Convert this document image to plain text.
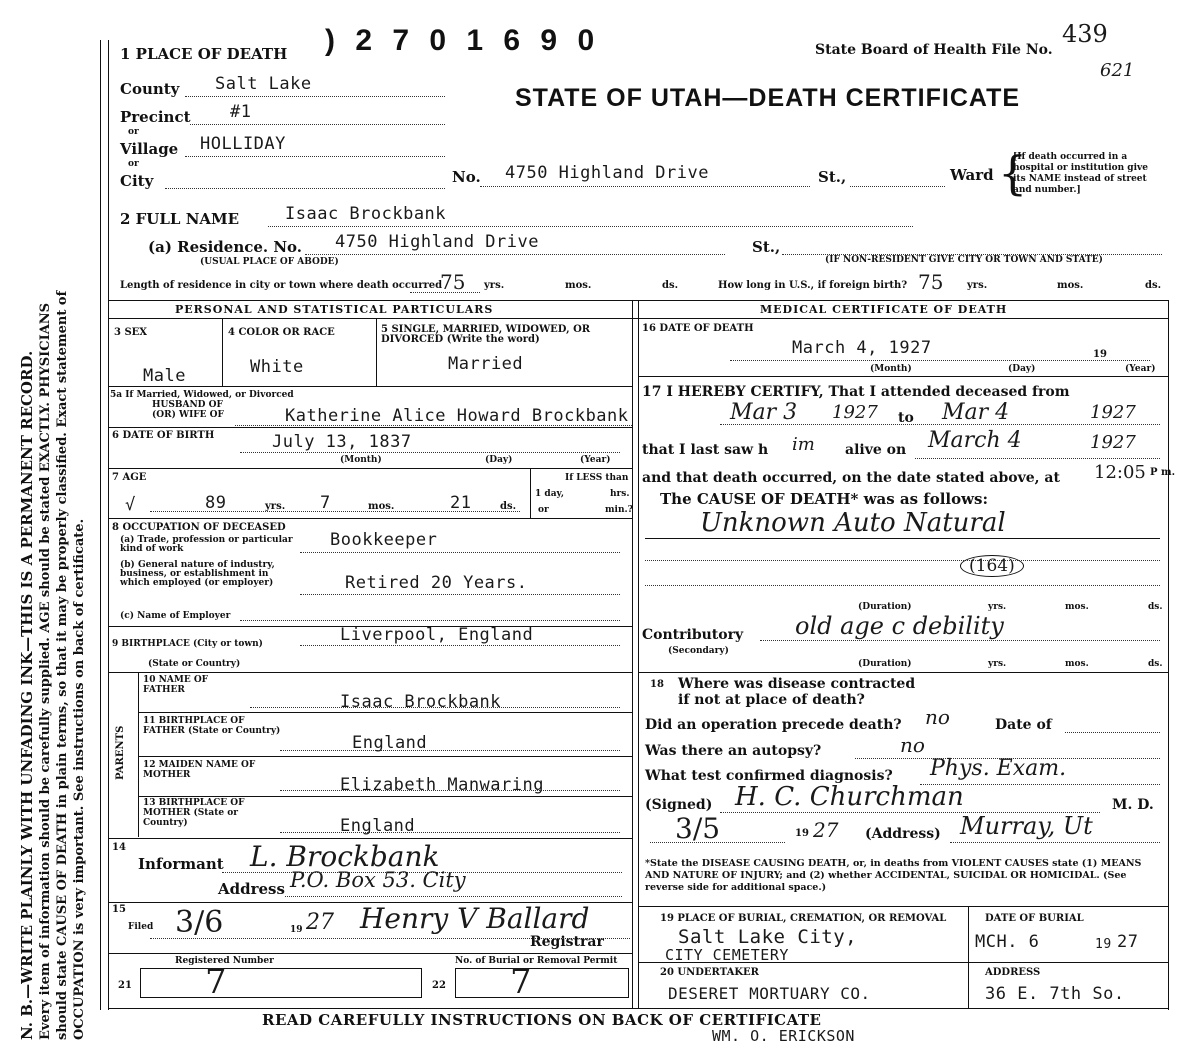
N. B.—WRITE PLAINLY WITH UNFADING INK—THIS IS A PERMANENT RECORD. Every item of information should be carefully supplied. AGE should be stated EXACTLY. PHYSICIANS should state CAUSE OF DEATH in plain terms, so that it may be properly classified. Exact statement of OCCUPATION is very important. See instructions on back of certificate.
1 PLACE OF DEATH ) 2 7 0 1 6 9 0	State Board of Health File No.
439
621
STATE OF UTAH—DEATH CERTIFICATE
County Salt Lake
Precinct #1
or
Village HOLLIDAY
or
City	No. 4750 Highland Drive	St.,	Ward {
[If death occurred in a hospital or institution give its NAME instead of street and number.]
2 FULL NAME	Isaac Brockbank
(a) Residence. No.
(USUAL PLACE OF ABODE)
4750 Highland Drive	St.,
(IF NON-RESIDENT GIVE CITY OR TOWN AND STATE)
Length of residence in city or town where death occurred
75 yrs.	mos.	ds.	How long in U.S., if foreign birth? 75 yrs.	mos.	ds.
PERSONAL AND STATISTICAL PARTICULARS	MEDICAL CERTIFICATE OF DEATH
3 SEX
Male
4 COLOR OR RACE
White
5 SINGLE, MARRIED, WIDOWED, OR DIVORCED (Write the word)
Married
5a If Married, Widowed, or Divorced
HUSBAND OF
(OR) WIFE OF	Katherine Alice Howard Brockbank
6 DATE OF BIRTH	July 13, 1837
(Month)	(Day)	(Year)
7 AGE
√	89	yrs. 7	mos.	21	ds.
If LESS than
1 day,	hrs.
or	min.?
8 OCCUPATION OF DECEASED
(a) Trade, profession or particular kind of work	Bookkeeper
(b) General nature of industry, business, or establishment in which employed (or employer)	Retired 20 Years.
(c) Name of Employer
9 BIRTHPLACE (City or town)	Liverpool, England
(State or Country)
PARENTS
10 NAME OF FATHER
Isaac Brockbank
11 BIRTHPLACE OF FATHER (State or Country)
England
12 MAIDEN NAME OF MOTHER	Elizabeth Manwaring
13 BIRTHPLACE OF MOTHER (State or Country)	England
14
Informant L. Brockbank
Address P.O. Box 53. City
15
Filed 3/6	19 27 Henry V Ballard
Registrar
Registered Number	No. of Burial or Removal Permit
21 7	22 7
16 DATE OF DEATH
March 4, 1927	19
(Month)	(Day)	(Year)
17 I HEREBY CERTIFY, That I attended deceased from
Mar 3 1927 to Mar 4	1927
that I last saw h im alive on March 4	1927
and that death occurred, on the date stated above, at 12:05 P m.
The CAUSE OF DEATH* was as follows:
Unknown Auto Natural
(164)
(Duration)	yrs.	mos.	ds.
Contributory
(Secondary)
old age c debility
(Duration)	yrs.	mos.	ds.
18 Where was disease contracted
if not at place of death?
Did an operation precede death? no	Date of
Was there an autopsy?	no
What test confirmed diagnosis? Phys. Exam.
(Signed) H. C. Churchman	M. D.
3/5	19 27 (Address) Murray, Ut
*State the DISEASE CAUSING DEATH, or, in deaths from VIOLENT CAUSES state (1) MEANS AND NATURE OF INJURY; and (2) whether ACCIDENTAL, SUICIDAL OR HOMICIDAL. (See reverse side for additional space.)
19 PLACE OF BURIAL, CREMATION, OR REMOVAL
Salt Lake City,
CITY CEMETERY
DATE OF BURIAL
MCH. 6	19 27
20 UNDERTAKER
DESERET MORTUARY CO.
ADDRESS
36 E. 7th So.
READ CAREFULLY INSTRUCTIONS ON BACK OF CERTIFICATE
WM. O. ERICKSON
